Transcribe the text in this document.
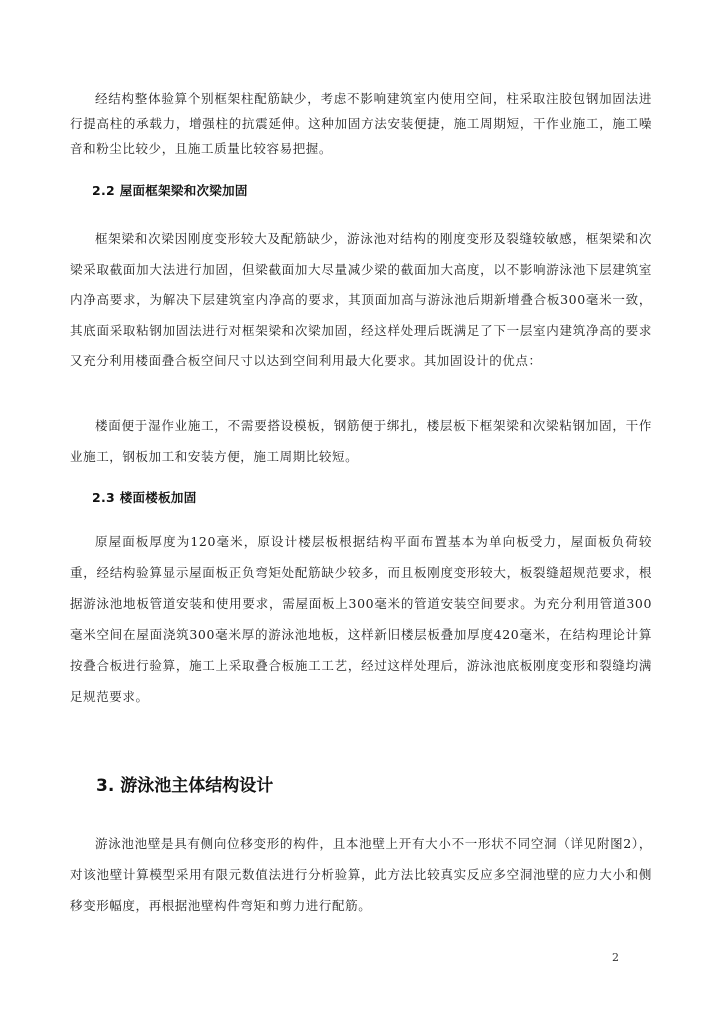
经结构整体验算个别框架柱配筋缺少，考虑不影响建筑室内使用空间，柱采取注胶包钢加固法进行提高柱的承载力，增强柱的抗震延伸。这种加固方法安装便捷，施工周期短，干作业施工，施工噪音和粉尘比较少，且施工质量比较容易把握。

2.2 屋面框架梁和次梁加固

框架梁和次梁因刚度变形较大及配筋缺少，游泳池对结构的刚度变形及裂缝较敏感，框架梁和次梁采取截面加大法进行加固，但梁截面加大尽量减少梁的截面加大高度，以不影响游泳池下层建筑室内净高要求，为解决下层建筑室内净高的要求，其顶面加高与游泳池后期新增叠合板300毫米一致，其底面采取粘钢加固法进行对框架梁和次梁加固，经这样处理后既满足了下一层室内建筑净高的要求又充分利用楼面叠合板空间尺寸以达到空间利用最大化要求。其加固设计的优点：

楼面便于湿作业施工，不需要搭设模板，钢筋便于绑扎，楼层板下框架梁和次梁粘钢加固，干作业施工，钢板加工和安装方便，施工周期比较短。

2.3 楼面楼板加固

原屋面板厚度为120毫米，原设计楼层板根据结构平面布置基本为单向板受力，屋面板负荷较重，经结构验算显示屋面板正负弯矩处配筋缺少较多，而且板刚度变形较大，板裂缝超规范要求，根据游泳池地板管道安装和使用要求，需屋面板上300毫米的管道安装空间要求。为充分利用管道300毫米空间在屋面浇筑300毫米厚的游泳池地板，这样新旧楼层板叠加厚度420毫米，在结构理论计算按叠合板进行验算，施工上采取叠合板施工工艺，经过这样处理后，游泳池底板刚度变形和裂缝均满足规范要求。

3. 游泳池主体结构设计

游泳池池壁是具有侧向位移变形的构件，且本池壁上开有大小不一形状不同空洞（详见附图2），对该池壁计算模型采用有限元数值法进行分析验算，此方法比较真实反应多空洞池壁的应力大小和侧移变形幅度，再根据池壁构件弯矩和剪力进行配筋。

2
